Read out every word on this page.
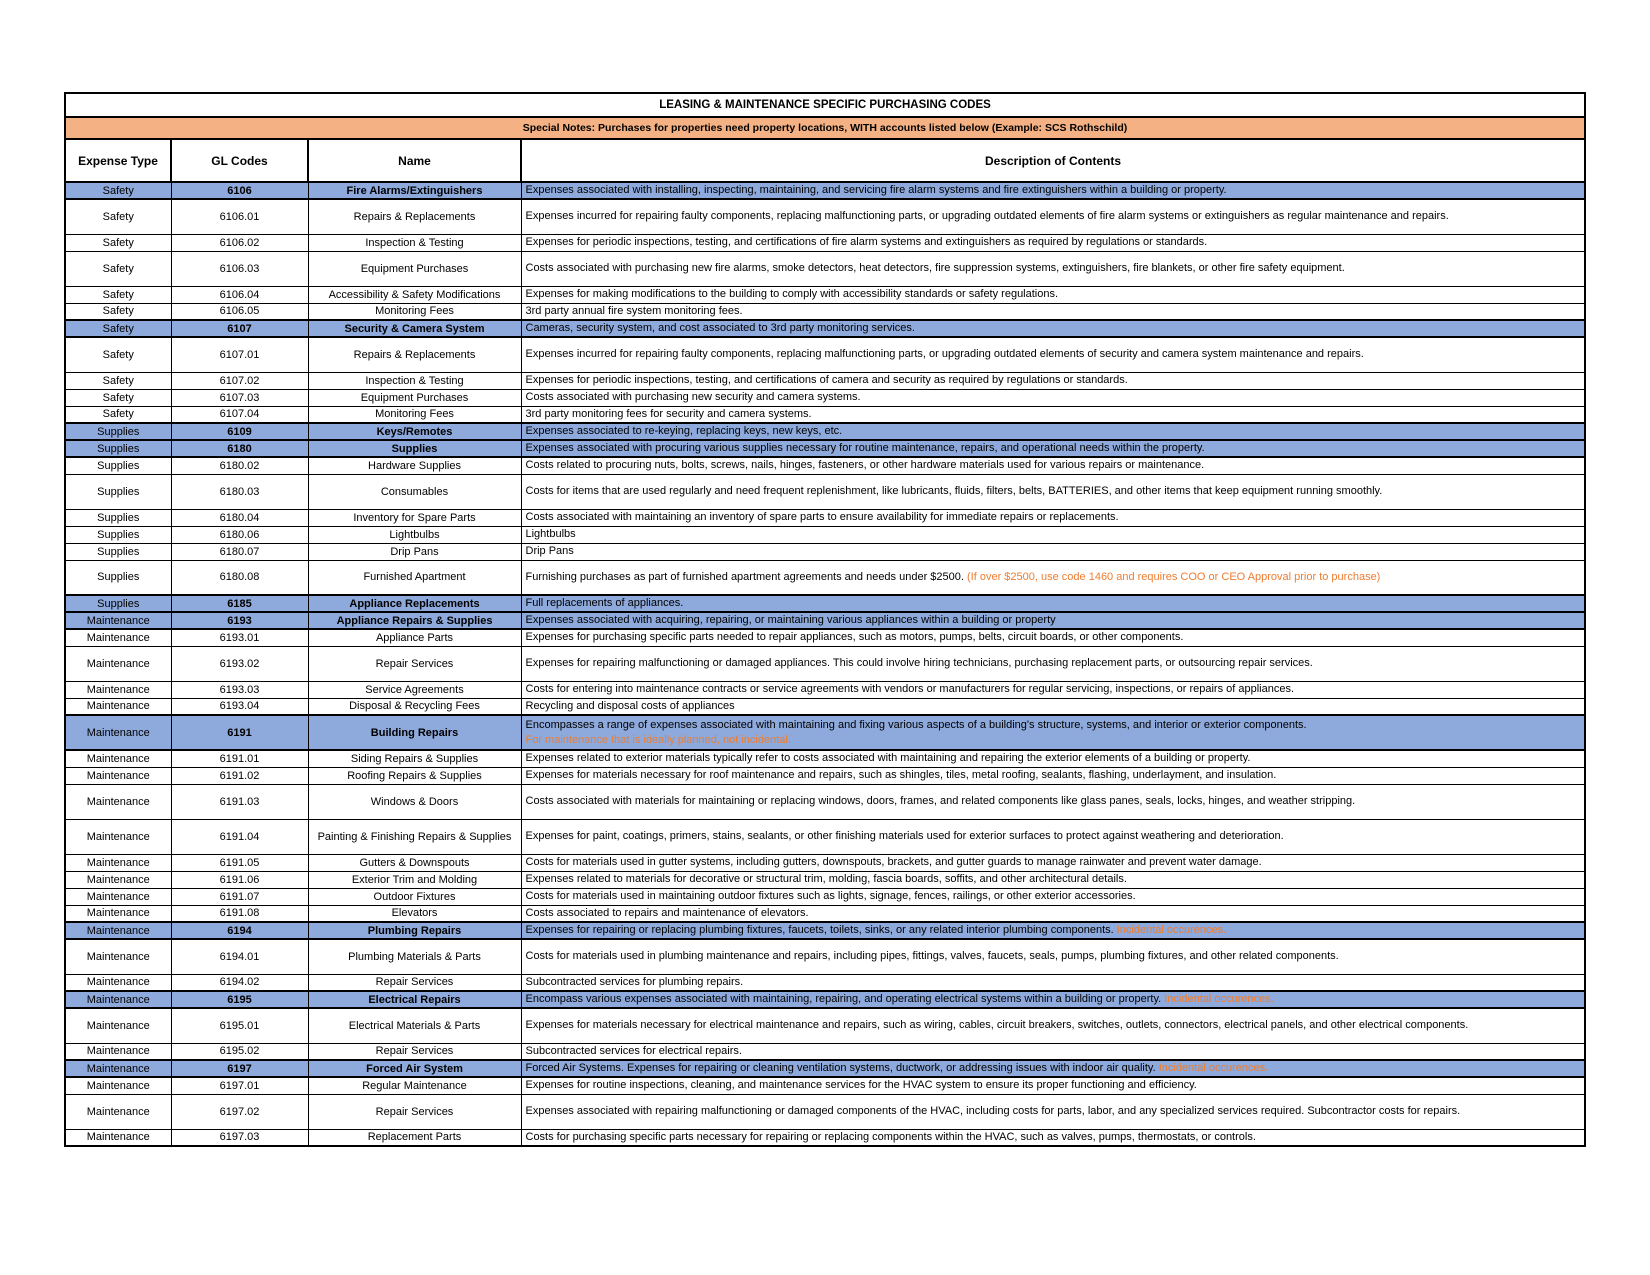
LEASING & MAINTENANCE SPECIFIC PURCHASING CODES			
Special Notes: Purchases for properties need property locations, WITH accounts listed below (Example: SCS Rothschild)			
Expense Type	GL Codes	Name	Description of Contents
Safety	6106	Fire Alarms/Extinguishers	Expenses associated with installing, inspecting, maintaining, and servicing fire alarm systems and fire extinguishers within a building or property.
Safety	6106.01	Repairs & Replacements	Expenses incurred for repairing faulty components, replacing malfunctioning parts, or upgrading outdated elements of fire alarm systems or extinguishers as regular maintenance and repairs.
Safety	6106.02	Inspection & Testing	Expenses for periodic inspections, testing, and certifications of fire alarm systems and extinguishers as required by regulations or standards.
Safety	6106.03	Equipment Purchases	Costs associated with purchasing new fire alarms, smoke detectors, heat detectors, fire suppression systems, extinguishers, fire blankets, or other fire safety equipment.
Safety	6106.04	Accessibility & Safety Modifications	Expenses for making modifications to the building to comply with accessibility standards or safety regulations.
Safety	6106.05	Monitoring Fees	3rd party annual fire system monitoring fees.
Safety	6107	Security & Camera System	Cameras, security system, and cost associated to 3rd party monitoring services.
Safety	6107.01	Repairs & Replacements	Expenses incurred for repairing faulty components, replacing malfunctioning parts, or upgrading outdated elements of security and camera system maintenance and repairs.
Safety	6107.02	Inspection & Testing	Expenses for periodic inspections, testing, and certifications of camera and security as required by regulations or standards.
Safety	6107.03	Equipment Purchases	Costs associated with purchasing new security and camera systems.
Safety	6107.04	Monitoring Fees	3rd party monitoring fees for security and camera systems.
Supplies	6109	Keys/Remotes	Expenses associated to re-keying, replacing keys, new keys, etc.
Supplies	6180	Supplies	Expenses associated with procuring various supplies necessary for routine maintenance, repairs, and operational needs within the property.
Supplies	6180.02	Hardware Supplies	Costs related to procuring nuts, bolts, screws, nails, hinges, fasteners, or other hardware materials used for various repairs or maintenance.
Supplies	6180.03	Consumables	Costs for items that are used regularly and need frequent replenishment, like lubricants, fluids, filters, belts, BATTERIES, and other items that keep equipment running smoothly.
Supplies	6180.04	Inventory for Spare Parts	Costs associated with maintaining an inventory of spare parts to ensure availability for immediate repairs or replacements.
Supplies	6180.06	Lightbulbs	Lightbulbs
Supplies	6180.07	Drip Pans	Drip Pans
Supplies	6180.08	Furnished Apartment	Furnishing purchases as part of furnished apartment agreements and needs under $2500. (If over $2500, use code 1460 and requires COO or CEO Approval prior to purchase)
Supplies	6185	Appliance Replacements	Full replacements of appliances.
Maintenance	6193	Appliance Repairs & Supplies	Expenses associated with acquiring, repairing, or maintaining various appliances within a building or property
Maintenance	6193.01	Appliance Parts	Expenses for purchasing specific parts needed to repair appliances, such as motors, pumps, belts, circuit boards, or other components.
Maintenance	6193.02	Repair Services	Expenses for repairing malfunctioning or damaged appliances. This could involve hiring technicians, purchasing replacement parts, or outsourcing repair services.
Maintenance	6193.03	Service Agreements	Costs for entering into maintenance contracts or service agreements with vendors or manufacturers for regular servicing, inspections, or repairs of appliances.
Maintenance	6193.04	Disposal & Recycling Fees	Recycling and disposal costs of appliances
Maintenance	6191	Building Repairs	Encompasses a range of expenses associated with maintaining and fixing various aspects of a building's structure, systems, and interior or exterior components.
For maintenance that is ideally planned, not incidental.
Maintenance	6191.01	Siding Repairs & Supplies	Expenses related to exterior materials typically refer to costs associated with maintaining and repairing the exterior elements of a building or property.
Maintenance	6191.02	Roofing Repairs & Supplies	Expenses for materials necessary for roof maintenance and repairs, such as shingles, tiles, metal roofing, sealants, flashing, underlayment, and insulation.
Maintenance	6191.03	Windows & Doors	Costs associated with materials for maintaining or replacing windows, doors, frames, and related components like glass panes, seals, locks, hinges, and weather stripping.
Maintenance	6191.04	Painting & Finishing Repairs & Supplies	Expenses for paint, coatings, primers, stains, sealants, or other finishing materials used for exterior surfaces to protect against weathering and deterioration.
Maintenance	6191.05	Gutters & Downspouts	Costs for materials used in gutter systems, including gutters, downspouts, brackets, and gutter guards to manage rainwater and prevent water damage.
Maintenance	6191.06	Exterior Trim and Molding	Expenses related to materials for decorative or structural trim, molding, fascia boards, soffits, and other architectural details.
Maintenance	6191.07	Outdoor Fixtures	Costs for materials used in maintaining outdoor fixtures such as lights, signage, fences, railings, or other exterior accessories.
Maintenance	6191.08	Elevators	Costs associated to repairs and maintenance of elevators.
Maintenance	6194	Plumbing Repairs	Expenses for repairing or replacing plumbing fixtures, faucets, toilets, sinks, or any related interior plumbing components. Incidental occurences.
Maintenance	6194.01	Plumbing Materials & Parts	Costs for materials used in plumbing maintenance and repairs, including pipes, fittings, valves, faucets, seals, pumps, plumbing fixtures, and other related components.
Maintenance	6194.02	Repair Services	Subcontracted services for plumbing repairs.
Maintenance	6195	Electrical Repairs	Encompass various expenses associated with maintaining, repairing, and operating electrical systems within a building or property. Incidental occurences.
Maintenance	6195.01	Electrical Materials & Parts	Expenses for materials necessary for electrical maintenance and repairs, such as wiring, cables, circuit breakers, switches, outlets, connectors, electrical panels, and other electrical components.
Maintenance	6195.02	Repair Services	Subcontracted services for electrical repairs.
Maintenance	6197	Forced Air System	Forced Air Systems. Expenses for repairing or cleaning ventilation systems, ductwork, or addressing issues with indoor air quality. Incidental occurences.
Maintenance	6197.01	Regular Maintenance	Expenses for routine inspections, cleaning, and maintenance services for the HVAC system to ensure its proper functioning and efficiency.
Maintenance	6197.02	Repair Services	Expenses associated with repairing malfunctioning or damaged components of the HVAC, including costs for parts, labor, and any specialized services required. Subcontractor costs for repairs.
Maintenance	6197.03	Replacement Parts	Costs for purchasing specific parts necessary for repairing or replacing components within the HVAC, such as valves, pumps, thermostats, or controls.
